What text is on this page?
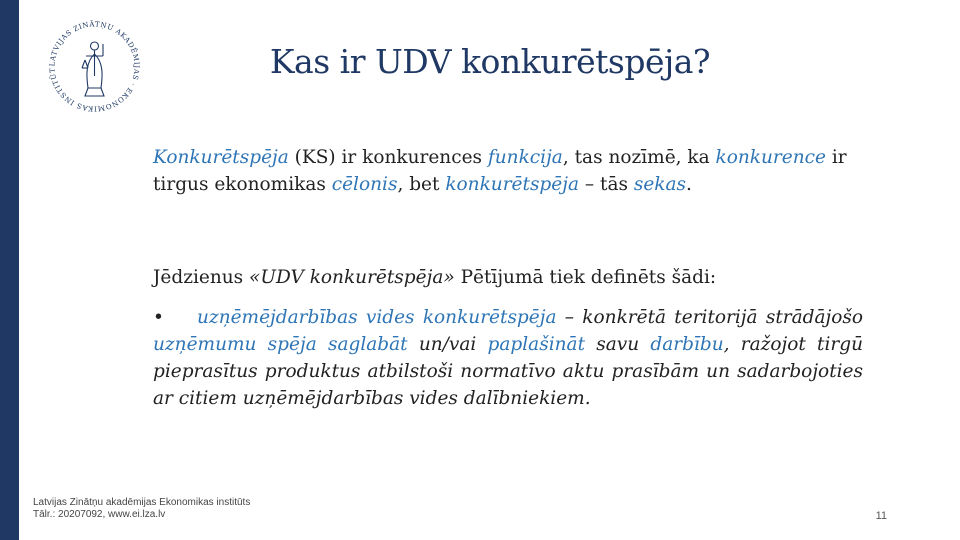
LATVIJAS ZINĀTŅU AKADĒMIJAS · EKONOMIKAS INSTITŪT	Kas ir UDV konkurētspēja?
Konkurētspēja (KS) ir konkurences funkcija, tas nozīmē, ka konkurence ir tirgus ekonomikas cēlonis, bet konkurētspēja – tās sekas.
Jēdzienus «UDV konkurētspēja» Pētījumā tiek definēts šādi:
• uzņēmējdarbības vides konkurētspēja – konkrētā teritorijā strādājošo uzņēmumu spēja saglabāt un/vai paplašināt savu darbību, ražojot tirgū pieprasītus produktus atbilstoši normatīvo aktu prasībām un sadarbojoties ar citiem uzņēmējdarbības vides dalībniekiem.
Latvijas Zinātņu akadēmijas Ekonomikas institūts
Tālr.: 20207092, www.ei.lza.lv	11
